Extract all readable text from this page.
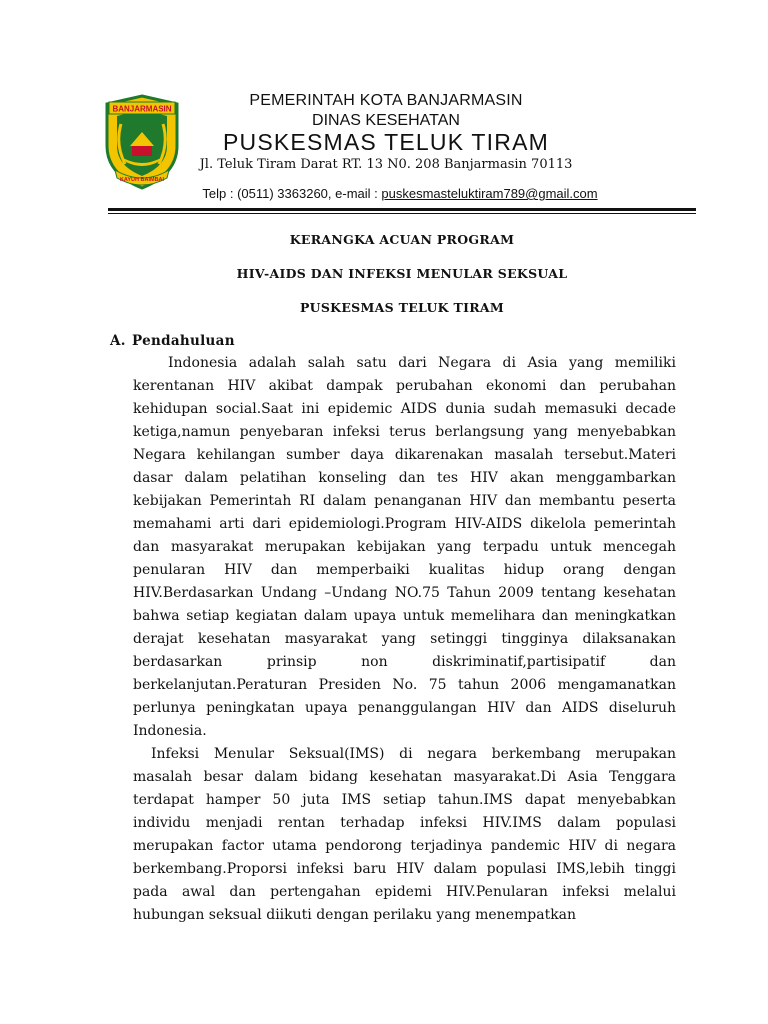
BANJARMASIN
KAYUH BAIMBAI
PEMERINTAH KOTA BANJARMASIN
DINAS KESEHATAN
PUSKESMAS TELUK TIRAM
Jl. Teluk Tiram Darat RT. 13 N0. 208 Banjarmasin 70113
Telp : (0511) 3363260, e-mail : puskesmasteluktiram789@gmail.com
KERANGKA ACUAN PROGRAM
HIV-AIDS DAN INFEKSI MENULAR SEKSUAL
PUSKESMAS TELUK TIRAM
A. Pendahuluan
Indonesia adalah salah satu dari Negara di Asia yang memiliki kerentanan HIV akibat dampak perubahan ekonomi dan perubahan kehidupan social.Saat ini epidemic AIDS dunia sudah memasuki decade ketiga,namun penyebaran infeksi terus berlangsung yang menyebabkan Negara kehilangan sumber daya dikarenakan masalah tersebut.Materi dasar dalam pelatihan konseling dan tes HIV akan menggambarkan kebijakan Pemerintah RI dalam penanganan HIV dan membantu peserta memahami arti dari epidemiologi.Program HIV-AIDS dikelola pemerintah dan masyarakat merupakan kebijakan yang terpadu untuk mencegah penularan HIV dan memperbaiki kualitas hidup orang dengan HIV.Berdasarkan Undang –Undang NO.75 Tahun 2009 tentang kesehatan bahwa setiap kegiatan dalam upaya untuk memelihara dan meningkatkan derajat kesehatan masyarakat yang setinggi tingginya dilaksanakan berdasarkan prinsip non diskriminatif,partisipatif dan berkelanjutan.Peraturan Presiden No. 75 tahun 2006 mengamanatkan perlunya peningkatan upaya penanggulangan HIV dan AIDS diseluruh Indonesia.
Infeksi Menular Seksual(IMS) di negara berkembang merupakan masalah besar dalam bidang kesehatan masyarakat.Di Asia Tenggara terdapat hamper 50 juta IMS setiap tahun.IMS dapat menyebabkan individu menjadi rentan terhadap infeksi HIV.IMS dalam populasi merupakan factor utama pendorong terjadinya pandemic HIV di negara berkembang.Proporsi infeksi baru HIV dalam populasi IMS,lebih tinggi pada awal dan pertengahan epidemi HIV.Penularan infeksi melalui hubungan seksual diikuti dengan perilaku yang menempatkan
